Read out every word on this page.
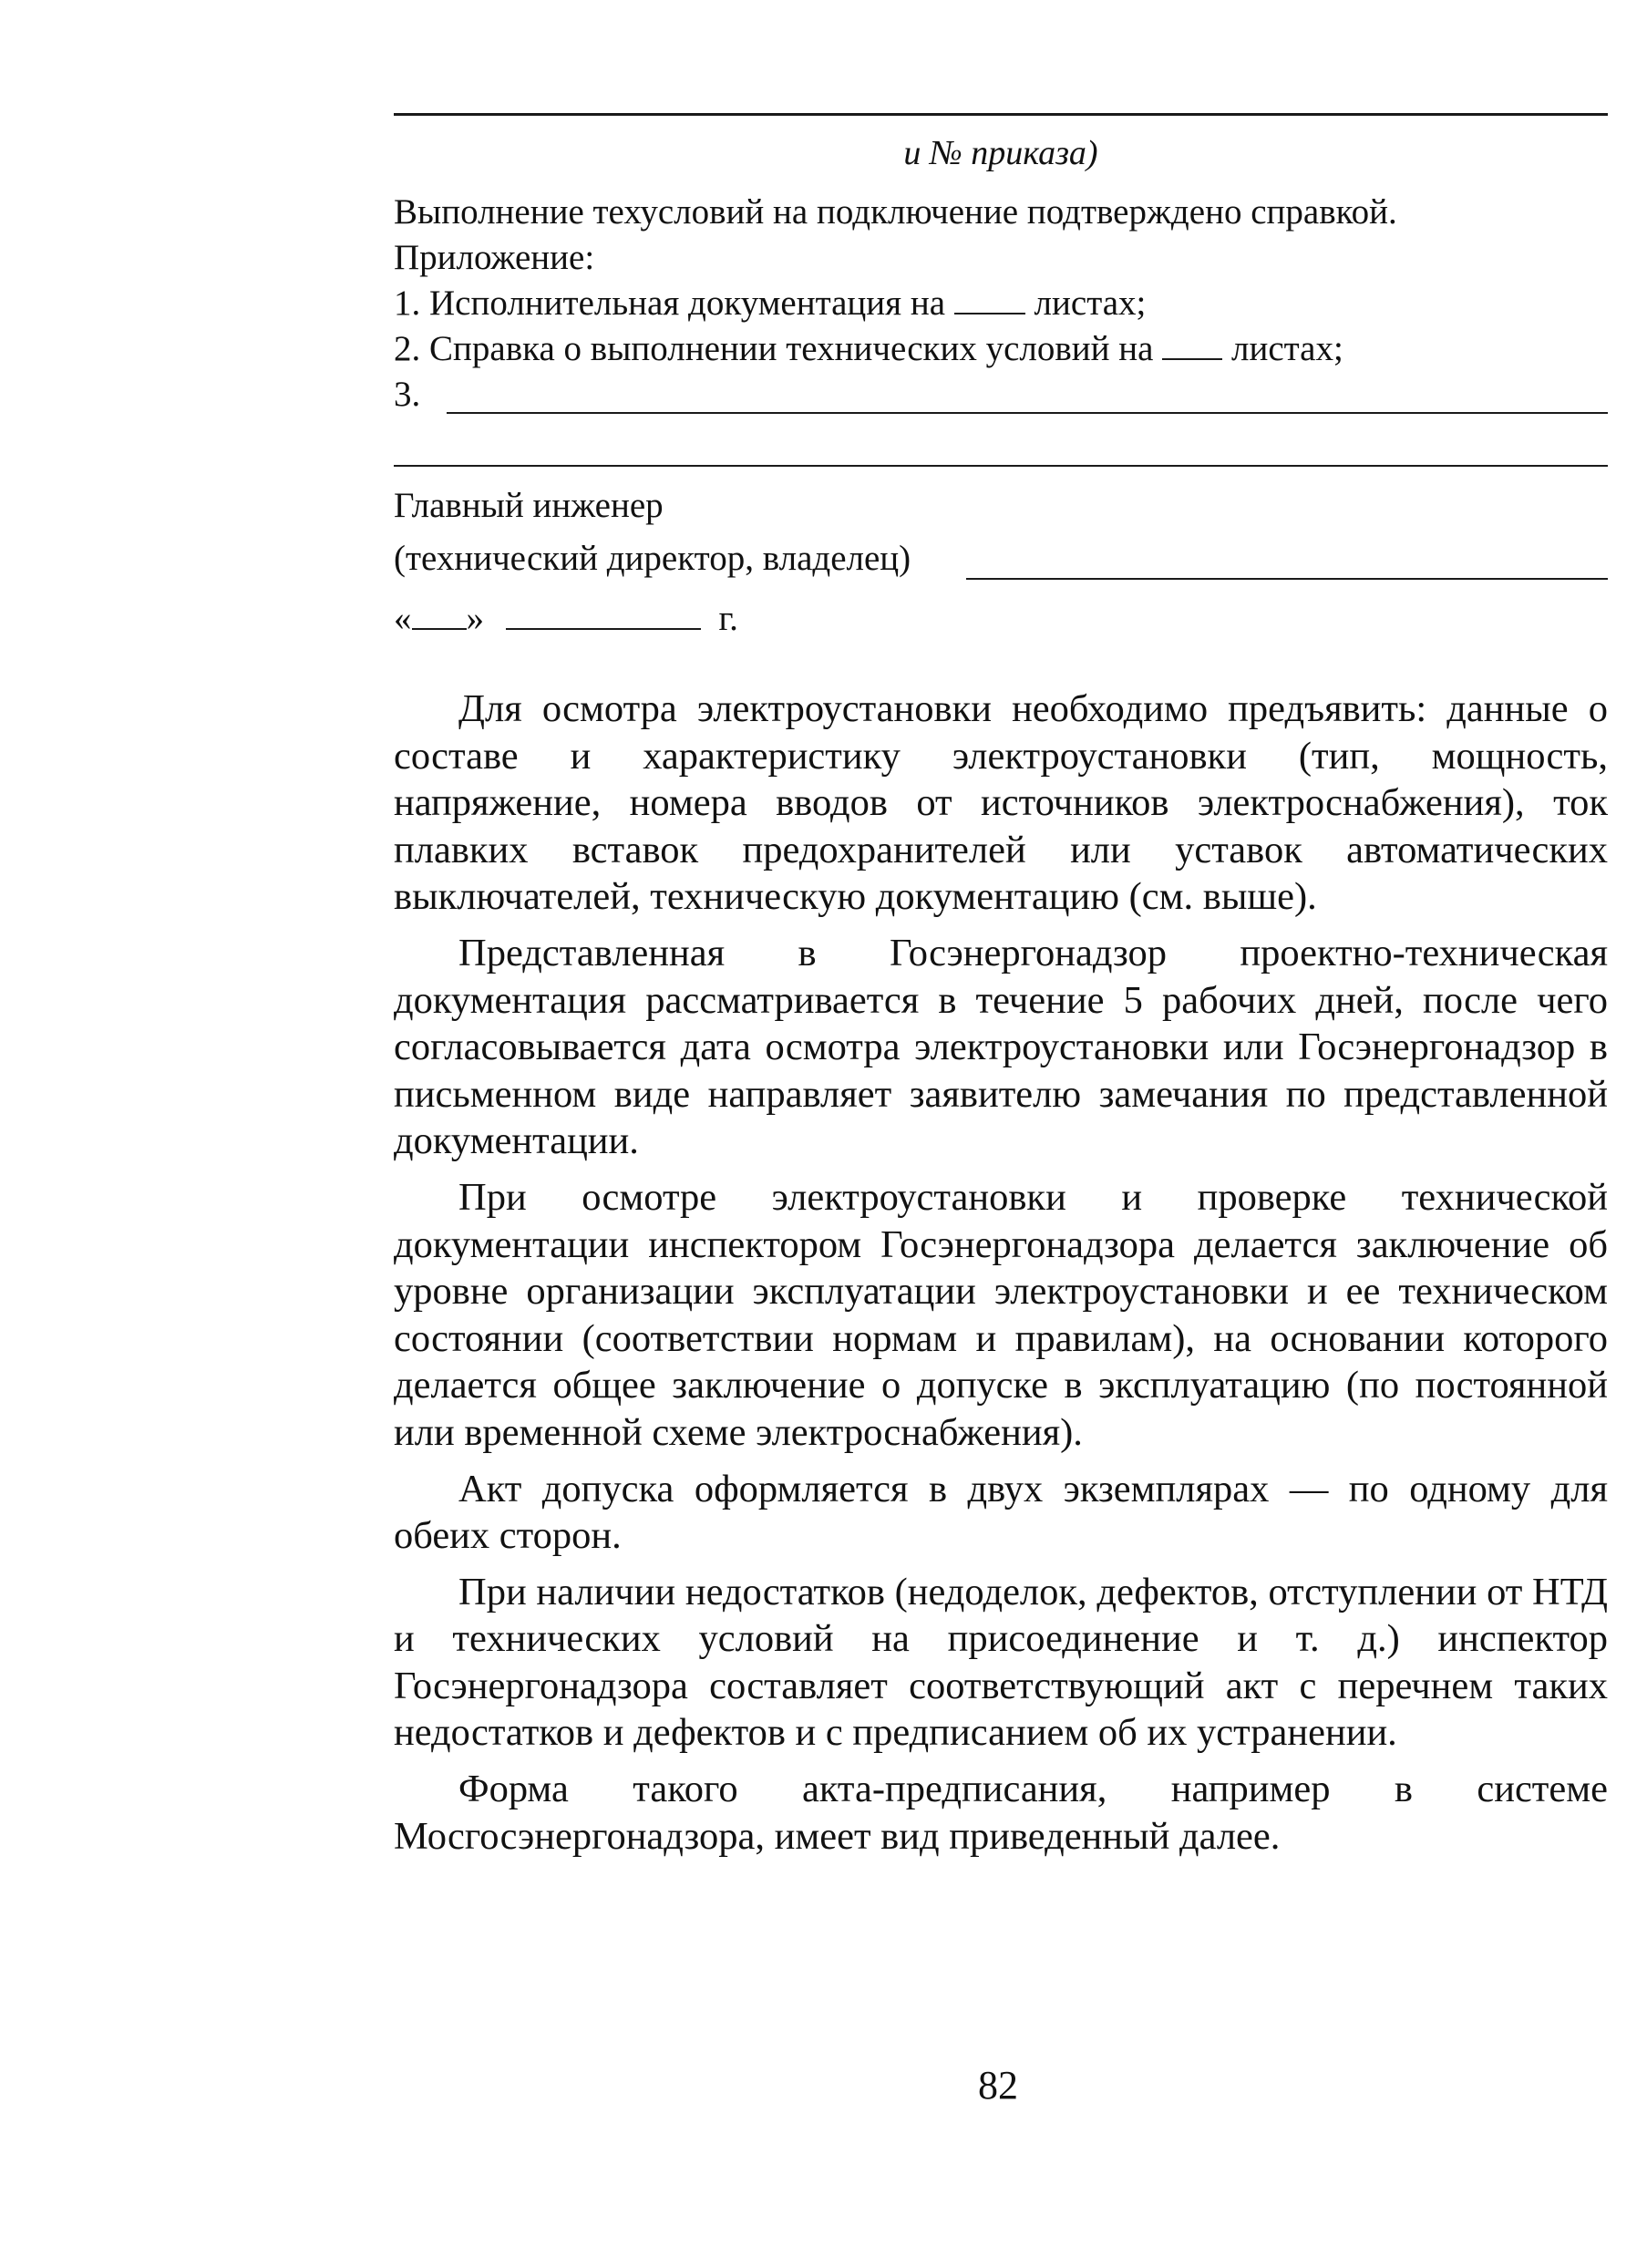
и № приказа)
Выполнение техусловий на подключение подтверждено справкой.
Приложение:
1. Исполнительная документация на	листах;
2. Справка о выполнении технических условий на листах;
3.
Главный инженер
(технический директор, владелец)
« »	г.

Для осмотра электроустановки необходимо предъявить: данные о составе и характеристику электроустановки (тип, мощность, напряжение, номера вводов от источников электроснабжения), ток плавких вставок предохранителей или уставок автоматических выключателей, техническую документацию (см. выше).

Представленная в Госэнергонадзор проектно-техническая документация рассматривается в течение 5 рабочих дней, после чего согласовывается дата осмотра электроустановки или Госэнергонадзор в письменном виде направляет заявителю замечания по представленной документации.

При осмотре электроустановки и проверке технической документации инспектором Госэнергонадзора делается заключение об уровне организации эксплуатации электроустановки и ее техническом состоянии (соответствии нормам и правилам), на основании которого делается общее заключение о допуске в эксплуатацию (по постоянной или временной схеме электроснабжения).

Акт допуска оформляется в двух экземплярах — по одному для обеих сторон.

При наличии недостатков (недоделок, дефектов, отступлении от НТД и технических условий на присоединение и т. д.) инспектор Госэнергонадзора составляет соответствующий акт с перечнем таких недостатков и дефектов и с предписанием об их устранении.

Форма такого акта-предписания, например в системе Мосгосэнергонадзора, имеет вид приведенный далее.

82
